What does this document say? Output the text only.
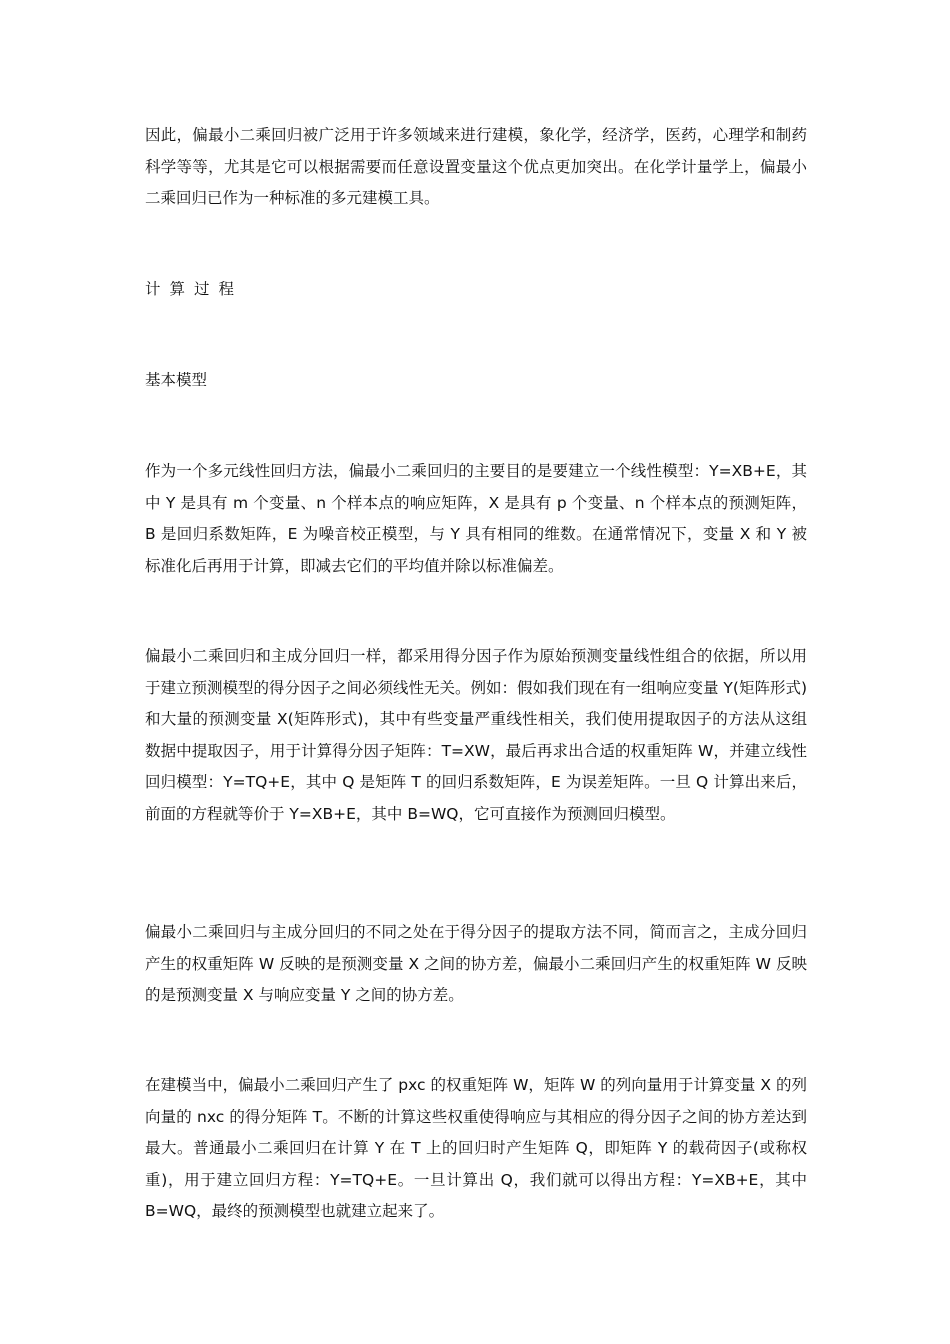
因此，偏最小二乘回归被广泛用于许多领域来进行建模，象化学，经济学，医药，心理学和制药科学等等，尤其是它可以根据需要而任意设置变量这个优点更加突出。在化学计量学上，偏最小二乘回归已作为一种标准的多元建模工具。

计算过程

基本模型

作为一个多元线性回归方法，偏最小二乘回归的主要目的是要建立一个线性模型：Y=XB+E，其中 Y 是具有 m 个变量、n 个样本点的响应矩阵，X 是具有 p 个变量、n 个样本点的预测矩阵，B 是回归系数矩阵，E 为噪音校正模型，与 Y 具有相同的维数。在通常情况下，变量 X 和 Y 被标准化后再用于计算，即减去它们的平均值并除以标准偏差。

偏最小二乘回归和主成分回归一样，都采用得分因子作为原始预测变量线性组合的依据，所以用于建立预测模型的得分因子之间必须线性无关。例如：假如我们现在有一组响应变量 Y(矩阵形式)和大量的预测变量 X(矩阵形式)，其中有些变量严重线性相关，我们使用提取因子的方法从这组数据中提取因子，用于计算得分因子矩阵：T=XW，最后再求出合适的权重矩阵 W，并建立线性回归模型：Y=TQ+E，其中 Q 是矩阵 T 的回归系数矩阵，E 为误差矩阵。一旦 Q 计算出来后，前面的方程就等价于 Y=XB+E，其中 B=WQ，它可直接作为预测回归模型。

偏最小二乘回归与主成分回归的不同之处在于得分因子的提取方法不同，简而言之，主成分回归产生的权重矩阵 W 反映的是预测变量 X 之间的协方差，偏最小二乘回归产生的权重矩阵 W 反映的是预测变量 X 与响应变量 Y 之间的协方差。

在建模当中，偏最小二乘回归产生了 pxc 的权重矩阵 W，矩阵 W 的列向量用于计算变量 X 的列向量的 nxc 的得分矩阵 T。不断的计算这些权重使得响应与其相应的得分因子之间的协方差达到最大。普通最小二乘回归在计算 Y 在 T 上的回归时产生矩阵 Q，即矩阵 Y 的载荷因子(或称权重)，用于建立回归方程：Y=TQ+E。一旦计算出 Q，我们就可以得出方程：Y=XB+E，其中 B=WQ，最终的预测模型也就建立起来了。
